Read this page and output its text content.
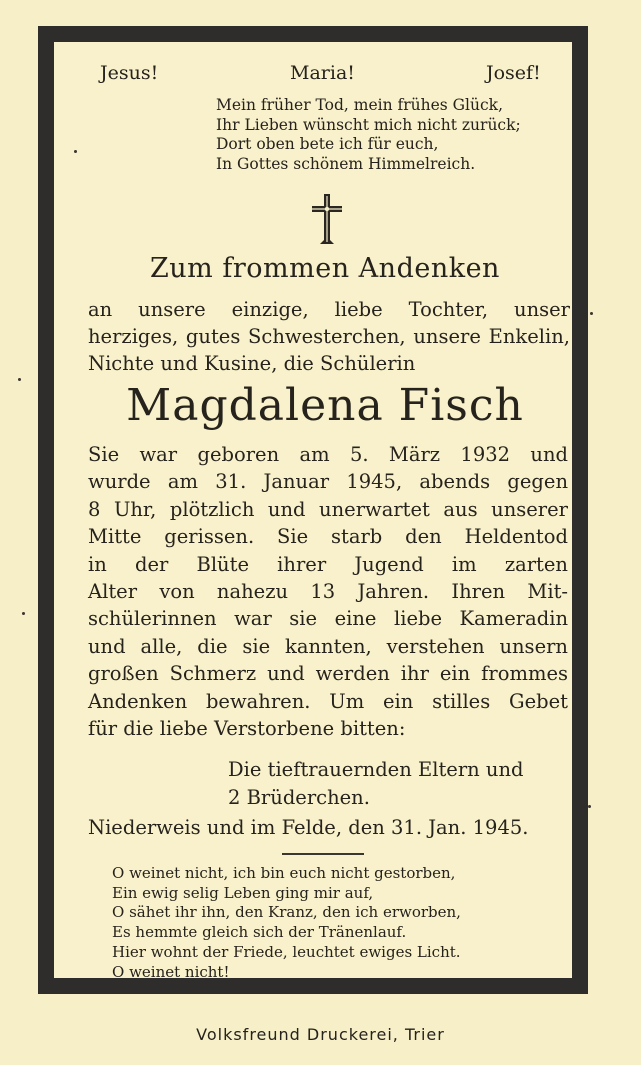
Jesus!	Maria!	Josef!
Mein früher Tod, mein frühes Glück,
Ihr Lieben wünscht mich nicht zurück;
Dort oben bete ich für euch,
In Gottes schönem Himmelreich.
Zum frommen Andenken
an unsere einzige, liebe Tochter, unser
herziges, gutes Schwesterchen, unsere Enkelin,
Nichte und Kusine, die Schülerin
Magdalena Fisch
Sie war geboren am 5. März 1932 und
wurde am 31. Januar 1945, abends gegen
8 Uhr, plötzlich und unerwartet aus unserer
Mitte gerissen. Sie starb den Heldentod
in der Blüte ihrer Jugend im zarten
Alter von nahezu 13 Jahren. Ihren Mit-
schülerinnen war sie eine liebe Kameradin
und alle, die sie kannten, verstehen unsern
großen Schmerz und werden ihr ein frommes
Andenken bewahren. Um ein stilles Gebet
für die liebe Verstorbene bitten:
Die tieftrauernden Eltern und
2 Brüderchen.
Niederweis und im Felde, den 31. Jan. 1945.
O weinet nicht, ich bin euch nicht gestorben,
Ein ewig selig Leben ging mir auf,
O sähet ihr ihn, den Kranz, den ich erworben,
Es hemmte gleich sich der Tränenlauf.
Hier wohnt der Friede, leuchtet ewiges Licht.
O weinet nicht!
Volksfreund Druckerei, Trier
